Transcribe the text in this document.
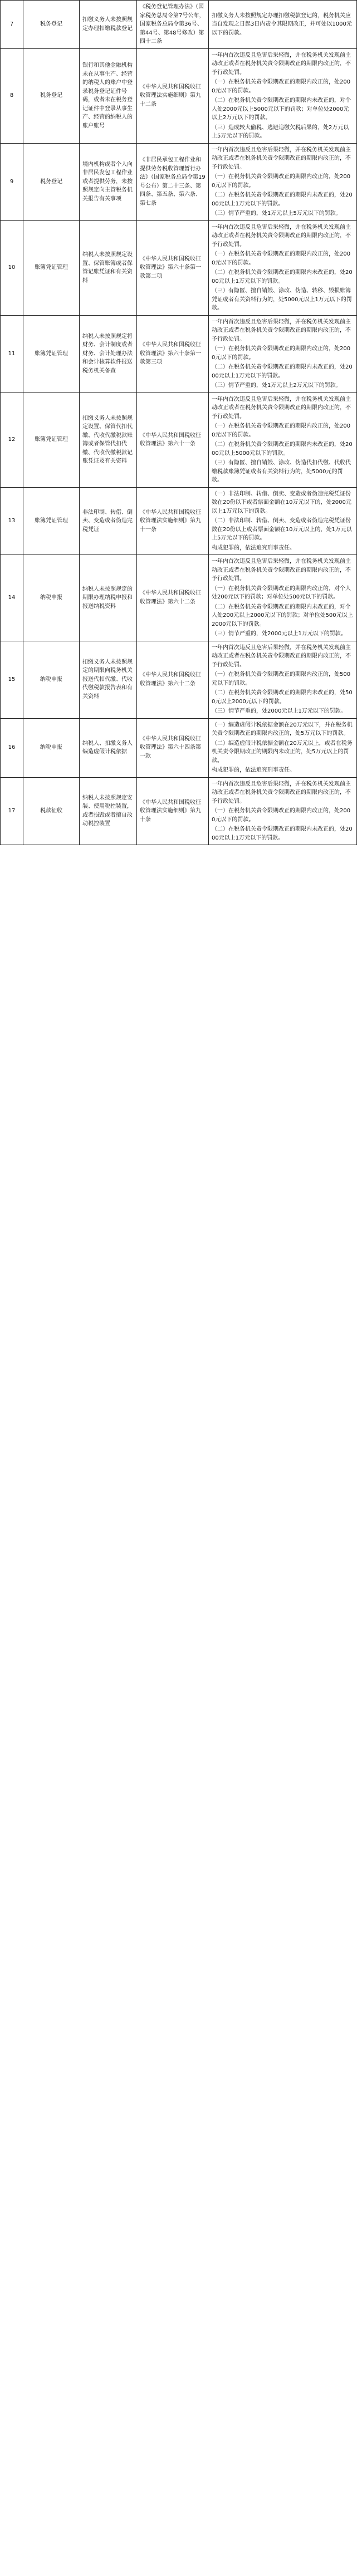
7	税务登记	扣缴义务人未按照规定办理扣缴税款登记	《税务登记管理办法》（国家税务总局令第7号公布，国家税务总局令第36号、第44号、第48号修改）第四十二条	扣缴义务人未按照规定办理扣缴税款登记的，税务机关应当自发现之日起3日内责令其限期改正，并可处以1000元以下的罚款。

8	税务登记	银行和其他金融机构未在从事生产、经营的纳税人的账户中登录税务登记证件号码，或者未在税务登记证件中登录从事生产、经营的纳税人的账户账号	《中华人民共和国税收征收管理法实施细则》第九十二条	一年内首次违反且危害后果轻微，并在税务机关发现前主动改正或者在税务机关责令限期改正的期限内改正的，不予行政处罚。
（一）在税务机关责令限期改正的期限内改正的，处2000元以下的罚款。
（二）在税务机关责令限期改正的期限内未改正的，对个人处2000元以上5000元以下的罚款；对单位处2000元以上2万元以下的罚款。
（三）造成较大偷税、逃避追缴欠税后果的，处2万元以上5万元以下的罚款。

9	税务登记	境内机构或者个人向非居民发包工程作业或者提供劳务，未按照规定向主管税务机关报告有关事项	《非居民承包工程作业和提供劳务税收管理暂行办法》（国家税务总局令第19号公布）第二十三条、第四条、第五条、第六条、第七条	一年内首次违反且危害后果轻微，并在税务机关发现前主动改正或者在税务机关责令限期改正的期限内改正的，不予行政处罚。
（一）在税务机关责令限期改正的期限内改正的，处2000元以下的罚款。
（二）在税务机关责令限期改正的期限内未改正的，处2000元以上1万元以下的罚款。
（三）情节严重的，处1万元以上5万元以下的罚款。

10	账簿凭证管理	纳税人未按照规定设置、保管账簿或者保管记账凭证和有关资料	《中华人民共和国税收征收管理法》第六十条第一款第二项	一年内首次违反且危害后果轻微，并在税务机关发现前主动改正或者在税务机关责令限期改正的期限内改正的，不予行政处罚。
（一）在税务机关责令限期改正的期限内改正的，处2000元以下的罚款。
（二）在税务机关责令限期改正的期限内未改正的，处2000元以上1万元以下的罚款。
（三）有隐匿、擅自销毁、涂改、伪造、转移、毁损账簿凭证或者有关资料行为的，处5000元以上1万元以下的罚款。

11	账簿凭证管理	纳税人未按照规定将财务、会计制度或者财务、会计处理办法和会计核算软件报送税务机关备查	《中华人民共和国税收征收管理法》第六十条第一款第三项	一年内首次违反且危害后果轻微，并在税务机关发现前主动改正或者在税务机关责令限期改正的期限内改正的，不予行政处罚。
（一）在税务机关责令限期改正的期限内改正的，处2000元以下的罚款。
（二）在税务机关责令限期改正的期限内未改正的，处2000元以上1万元以下的罚款。
（三）情节严重的，处1万元以上2万元以下的罚款。

12	账簿凭证管理	扣缴义务人未按照规定设置、保管代扣代缴、代收代缴税款账簿或者保管代扣代缴、代收代缴税款记账凭证及有关资料	《中华人民共和国税收征收管理法》第六十一条	一年内首次违反且危害后果轻微，并在税务机关发现前主动改正或者在税务机关责令限期改正的期限内改正的，不予行政处罚。
（一）在税务机关责令限期改正的期限内改正的，处2000元以下的罚款。
（二）在税务机关责令限期改正的期限内未改正的，处2000元以上5000元以下的罚款。
（三）有隐匿、擅自销毁、涂改、伪造代扣代缴、代收代缴税款账簿凭证或者有关资料行为的，处5000元的罚款。

13	账簿凭证管理	非法印制、转借、倒卖、变造或者伪造完税凭证	《中华人民共和国税收征收管理法实施细则》第九十一条	（一）非法印制、转借、倒卖、变造或者伪造完税凭证份数在20份以下或者票面金额在10万元以下的，处2000元以上1万元以下的罚款。
（二）非法印制、转借、倒卖、变造或者伪造完税凭证份数在20份以上或者票面金额在10万元以上的，处1万元以上5万元以下的罚款。
构成犯罪的，依法追究刑事责任。

14	纳税申报	纳税人未按照规定的期限办理纳税申报和报送纳税资料	《中华人民共和国税收征收管理法》第六十二条	一年内首次违反且危害后果轻微，并在税务机关发现前主动改正或者在税务机关责令限期改正的期限内改正的，不予行政处罚。
（一）在税务机关责令限期改正的期限内改正的，对个人处200元以下的罚款；对单位处500元以下的罚款。
（二）在税务机关责令限期改正的期限内未改正的，对个人处200元以上2000元以下的罚款；对单位处500元以上2000元以下的罚款。
（三）情节严重的，处2000元以上1万元以下的罚款。

15	纳税申报	扣缴义务人未按照规定的期限向税务机关报送代扣代缴、代收代缴税款报告表和有关资料	《中华人民共和国税收征收管理法》第六十二条	一年内首次违反且危害后果轻微，并在税务机关发现前主动改正或者在税务机关责令限期改正的期限内改正的，不予行政处罚。
（一）在税务机关责令限期改正的期限内改正的，处500元以下的罚款。
（二）在税务机关责令限期改正的期限内未改正的，处500元以上2000元以下的罚款。
（三）情节严重的，处2000元以上1万元以下的罚款。

16	纳税申报	纳税人、扣缴义务人编造虚假计税依据	《中华人民共和国税收征收管理法》第六十四条第一款	（一）编造虚假计税依据金额在20万元以下，并在税务机关责令限期改正的期限内改正的，处5万元以下的罚款。
（二）编造虚假计税依据金额在20万元以上，或者在税务机关责令限期改正的期限内未改正的，处5万元以上的罚款。
构成犯罪的，依法追究刑事责任。

17	税款征收	纳税人未按照规定安装、使用税控装置，或者损毁或者擅自改动税控装置	《中华人民共和国税收征收管理法实施细则》第九十条	一年内首次违反且危害后果轻微，并在税务机关发现前主动改正或者在税务机关责令限期改正的期限内改正的，不予行政处罚。
（一）在税务机关责令限期改正的期限内改正的，处2000元以下的罚款。
（二）在税务机关责令限期改正的期限内未改正的，处2000元以上1万元以下的罚款。
